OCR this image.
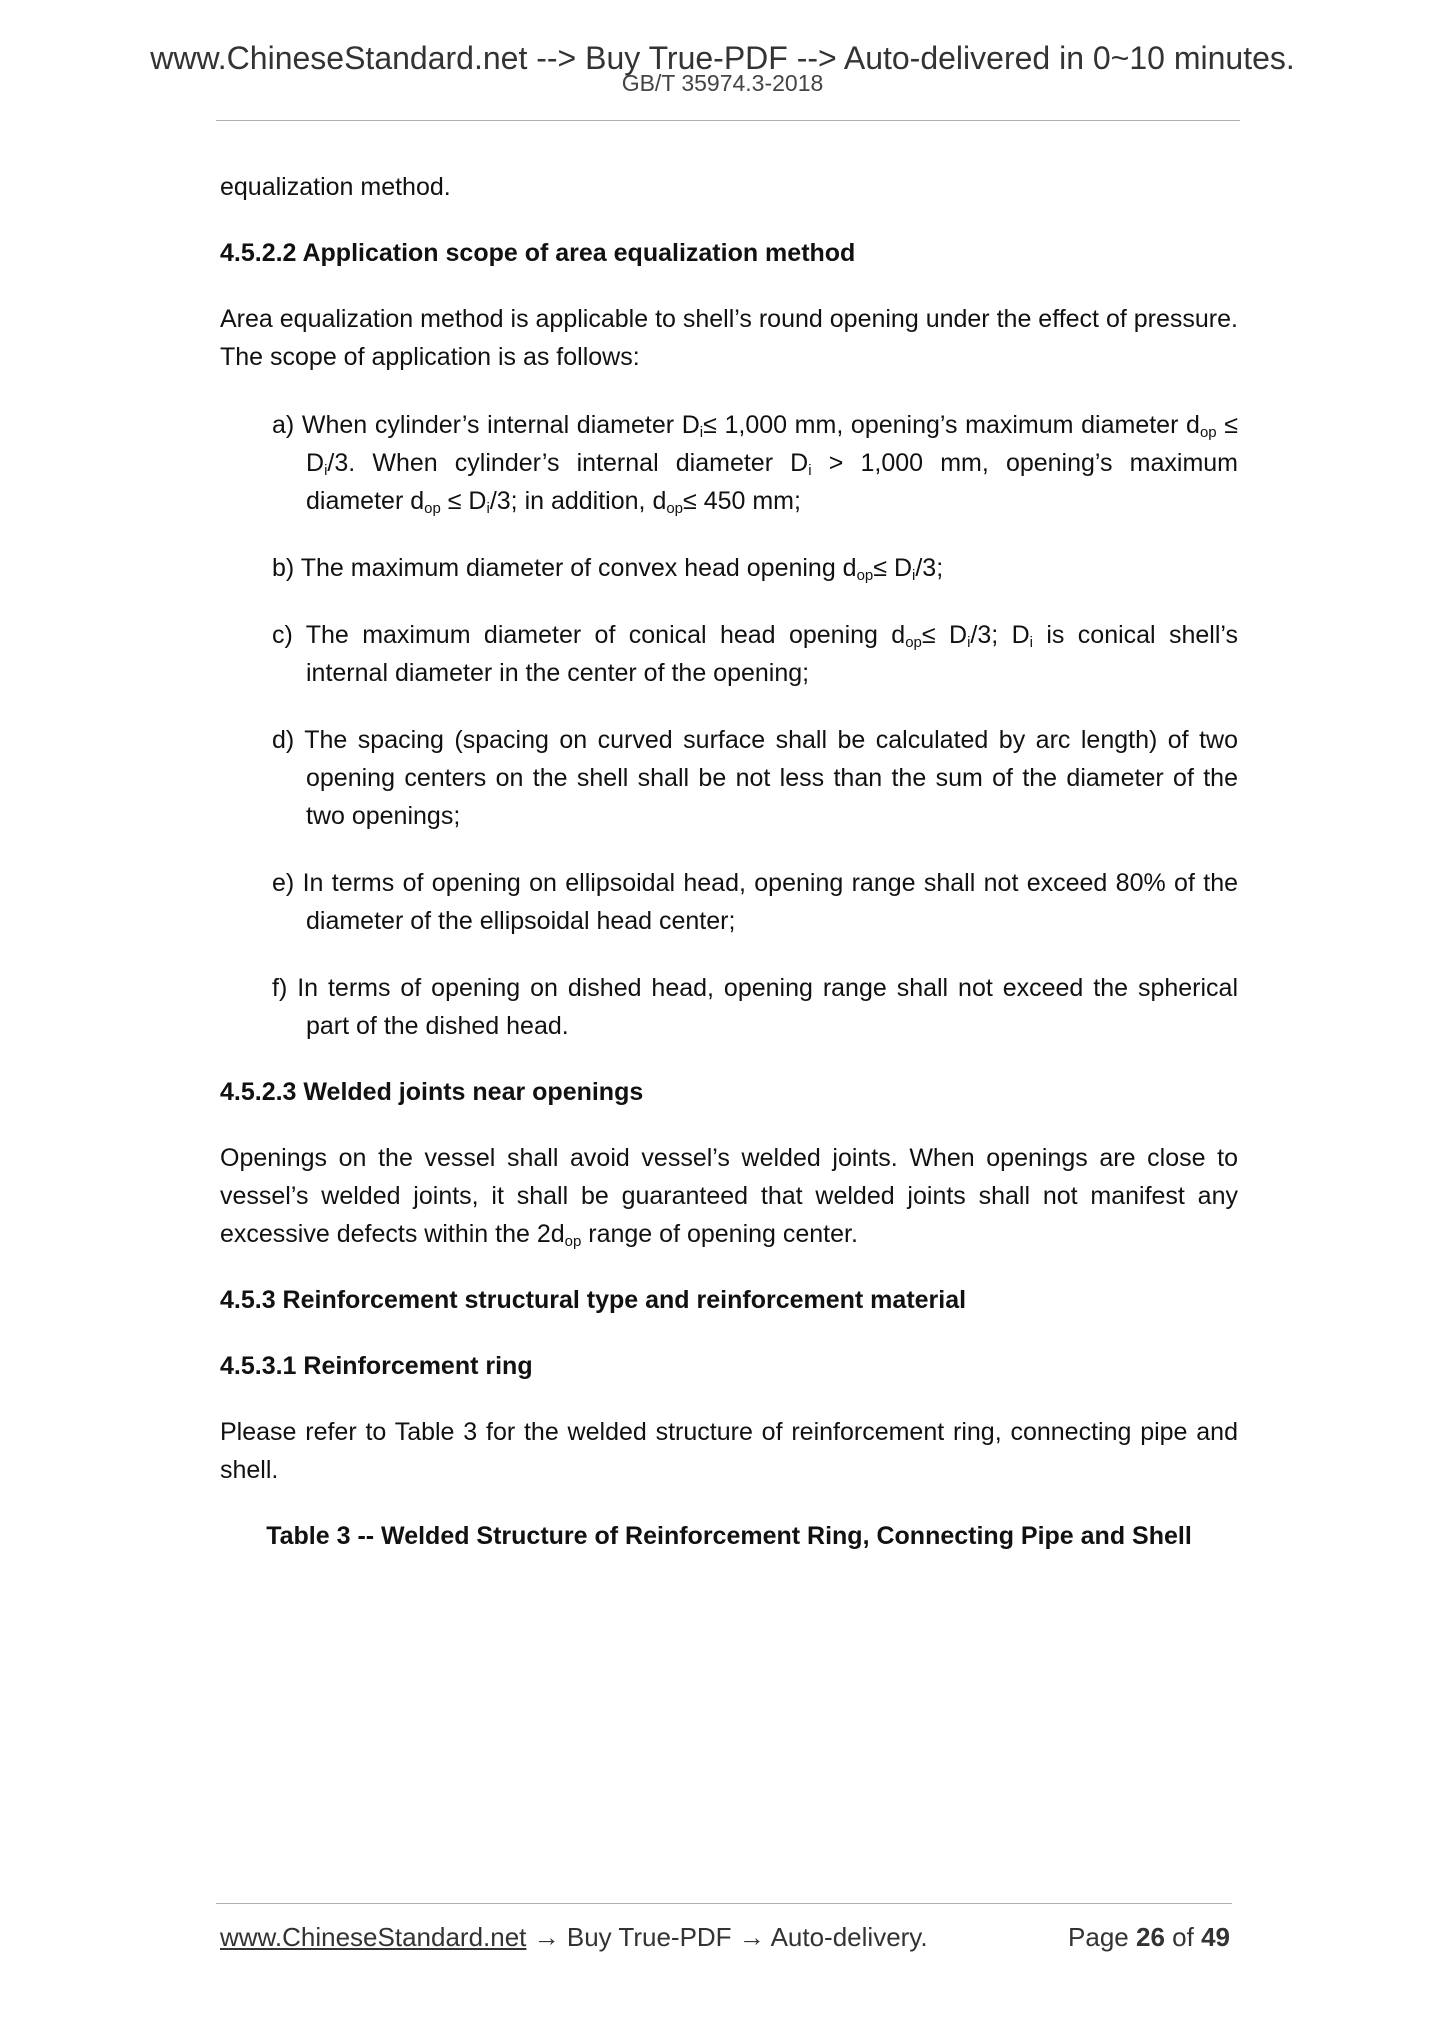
www.ChineseStandard.net --> Buy True-PDF --> Auto-delivered in 0~10 minutes.
GB/T 35974.3-2018

equalization method.

4.5.2.2 Application scope of area equalization method

Area equalization method is applicable to shell’s round opening under the effect of pressure. The scope of application is as follows:

a) When cylinder’s internal diameter $D_i\le 1,000$ mm, opening’s maximum diameter $d_{op} \le D_i/3$. When cylinder’s internal diameter $D_i > 1,000$ mm, opening’s maximum diameter $d_{op} \le D_i/3$; in addition, $d_{op}\le 450$ mm;

b) The maximum diameter of convex head opening $d_{op}\le D_i/3$;

c) The maximum diameter of conical head opening $d_{op}\le D_i/3$; $D_i$ is conical shell’s internal diameter in the center of the opening;

d) The spacing (spacing on curved surface shall be calculated by arc length) of two opening centers on the shell shall be not less than the sum of the diameter of the two openings;

e) In terms of opening on ellipsoidal head, opening range shall not exceed 80% of the diameter of the ellipsoidal head center;

f) In terms of opening on dished head, opening range shall not exceed the spherical part of the dished head.

4.5.2.3 Welded joints near openings

Openings on the vessel shall avoid vessel’s welded joints. When openings are close to vessel’s welded joints, it shall be guaranteed that welded joints shall not manifest any excessive defects within the $2d_{op}$ range of opening center.

4.5.3 Reinforcement structural type and reinforcement material

4.5.3.1 Reinforcement ring

Please refer to Table 3 for the welded structure of reinforcement ring, connecting pipe and shell.

Table 3 -- Welded Structure of Reinforcement Ring, Connecting Pipe and Shell

www.ChineseStandard.net → Buy True-PDF → Auto-delivery.	Page 26 of 49
